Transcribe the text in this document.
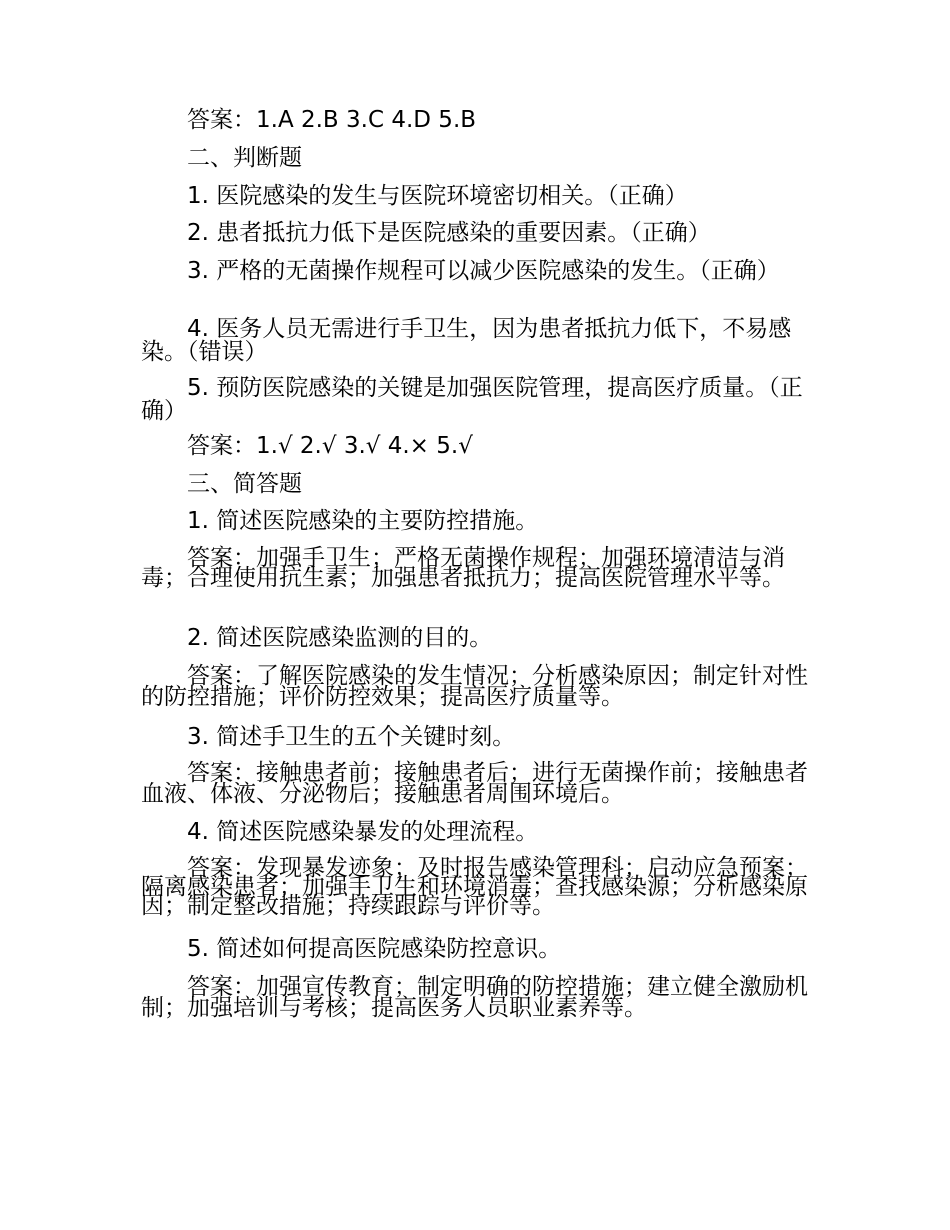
答案：1.A 2.B 3.C 4.D 5.B

二、判断题

1. 医院感染的发生与医院环境密切相关。（正确）

2. 患者抵抗力低下是医院感染的重要因素。（正确）

3. 严格的无菌操作规程可以减少医院感染的发生。（正确）

4. 医务人员无需进行手卫生，因为患者抵抗力低下，不易感染。（错误）

5. 预防医院感染的关键是加强医院管理，提高医疗质量。（正确）

答案：1.√ 2.√ 3.√ 4.× 5.√

三、简答题

1. 简述医院感染的主要防控措施。

答案：加强手卫生；严格无菌操作规程；加强环境清洁与消毒；合理使用抗生素；加强患者抵抗力；提高医院管理水平等。

2. 简述医院感染监测的目的。

答案：了解医院感染的发生情况；分析感染原因；制定针对性的防控措施；评价防控效果；提高医疗质量等。

3. 简述手卫生的五个关键时刻。

答案：接触患者前；接触患者后；进行无菌操作前；接触患者血液、体液、分泌物后；接触患者周围环境后。

4. 简述医院感染暴发的处理流程。

答案：发现暴发迹象；及时报告感染管理科；启动应急预案；隔离感染患者；加强手卫生和环境消毒；查找感染源；分析感染原因；制定整改措施；持续跟踪与评价等。

5. 简述如何提高医院感染防控意识。

答案：加强宣传教育；制定明确的防控措施；建立健全激励机制；加强培训与考核；提高医务人员职业素养等。
